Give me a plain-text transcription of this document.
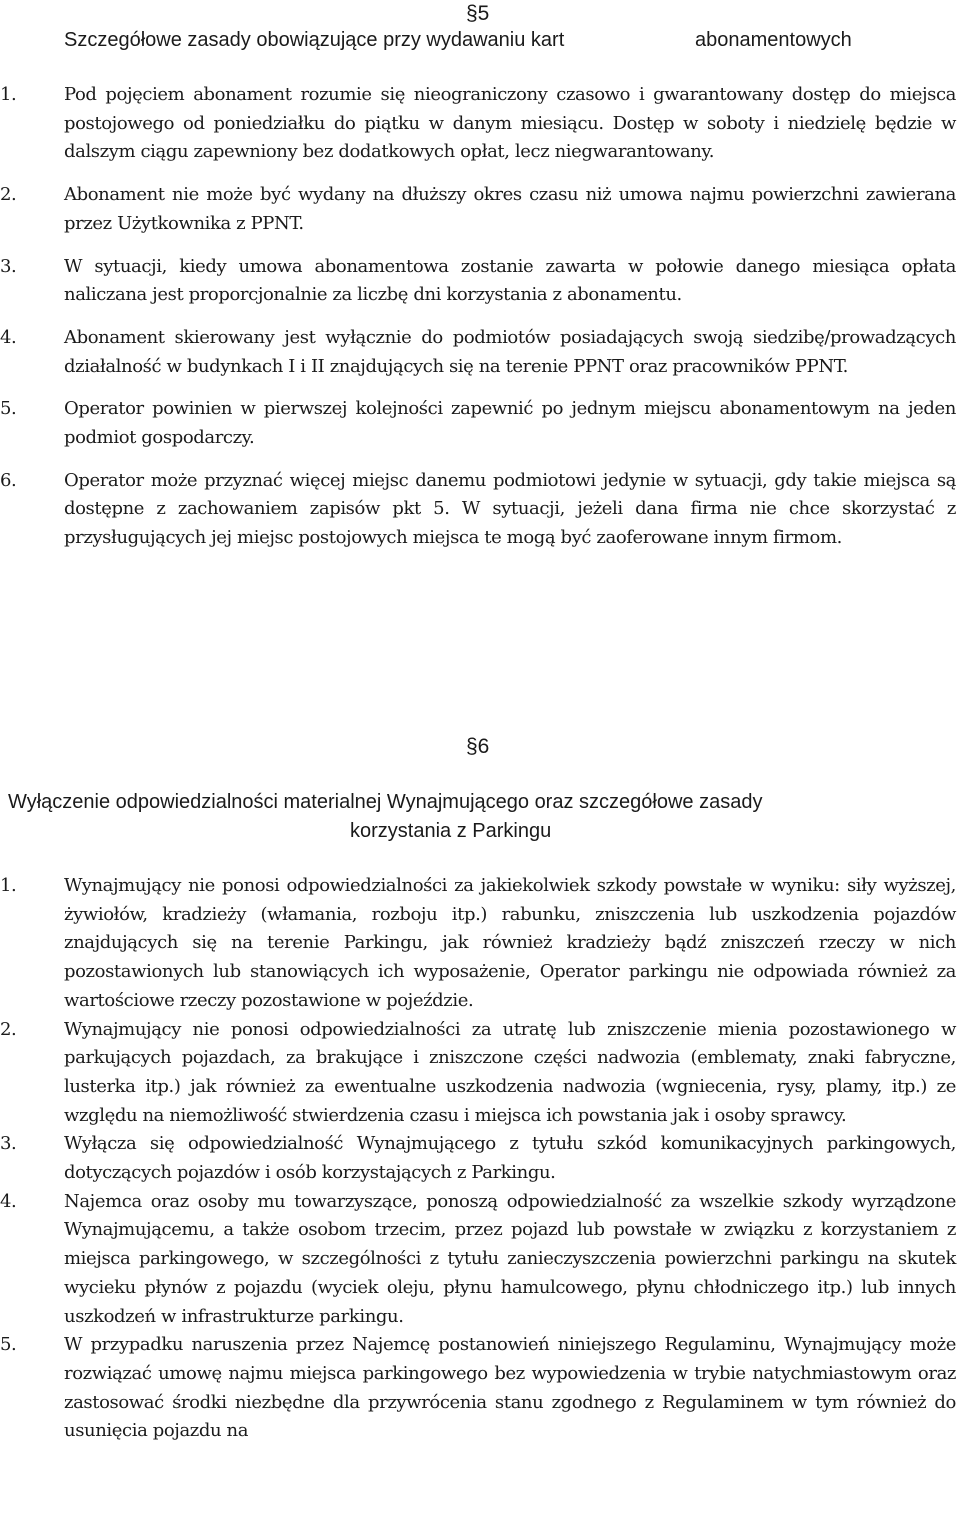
§5
Szczegółowe zasady obowiązujące przy wydawaniu kart	abonamentowych
1.	Pod pojęciem abonament rozumie się nieograniczony czasowo i gwarantowany dostęp do miejsca postojowego od poniedziałku do piątku w danym miesiącu. Dostęp w soboty i niedzielę będzie w dalszym ciągu zapewniony bez dodatkowych opłat, lecz niegwarantowany.
2.	Abonament nie może być wydany na dłuższy okres czasu niż umowa najmu powierzchni zawierana przez Użytkownika z PPNT.
3.	W sytuacji, kiedy umowa abonamentowa zostanie zawarta w połowie danego miesiąca opłata naliczana jest proporcjonalnie za liczbę dni korzystania z abonamentu.
4.	Abonament skierowany jest wyłącznie do podmiotów posiadających swoją siedzibę/prowadzących działalność w budynkach I i II znajdujących się na terenie PPNT oraz pracowników PPNT.
5.	Operator powinien w pierwszej kolejności zapewnić po jednym miejscu abonamentowym na jeden podmiot gospodarczy.
6.	Operator może przyznać więcej miejsc danemu podmiotowi jedynie w sytuacji, gdy takie miejsca są dostępne z zachowaniem zapisów pkt 5. W sytuacji, jeżeli dana firma nie chce skorzystać z przysługujących jej miejsc postojowych miejsca te mogą być zaoferowane innym firmom.
§6
Wyłączenie odpowiedzialności materialnej Wynajmującego oraz szczegółowe zasady
korzystania z Parkingu
1.	Wynajmujący nie ponosi odpowiedzialności za jakiekolwiek szkody powstałe w wyniku: siły wyższej, żywiołów, kradzieży (włamania, rozboju itp.) rabunku, zniszczenia lub uszkodzenia pojazdów znajdujących się na terenie Parkingu, jak również kradzieży bądź zniszczeń rzeczy w nich pozostawionych lub stanowiących ich wyposażenie, Operator parkingu nie odpowiada również za wartościowe rzeczy pozostawione w pojeździe.
2.	Wynajmujący nie ponosi odpowiedzialności za utratę lub zniszczenie mienia pozostawionego w parkujących pojazdach, za brakujące i zniszczone części nadwozia (emblematy, znaki fabryczne, lusterka itp.) jak również za ewentualne uszkodzenia nadwozia (wgniecenia, rysy, plamy, itp.) ze względu na niemożliwość stwierdzenia czasu i miejsca ich powstania jak i osoby sprawcy.
3.	Wyłącza się odpowiedzialność Wynajmującego z tytułu szkód komunikacyjnych parkingowych, dotyczących pojazdów i osób korzystających z Parkingu.
4.	Najemca oraz osoby mu towarzyszące, ponoszą odpowiedzialność za wszelkie szkody wyrządzone Wynajmującemu, a także osobom trzecim, przez pojazd lub powstałe w związku z korzystaniem z miejsca parkingowego, w szczególności z tytułu zanieczyszczenia powierzchni parkingu na skutek wycieku płynów z pojazdu (wyciek oleju, płynu hamulcowego, płynu chłodniczego itp.) lub innych uszkodzeń w infrastrukturze parkingu.
5.	W przypadku naruszenia przez Najemcę postanowień niniejszego Regulaminu, Wynajmujący może rozwiązać umowę najmu miejsca parkingowego bez wypowiedzenia w trybie natychmiastowym oraz zastosować środki niezbędne dla przywrócenia stanu zgodnego z Regulaminem w tym również do usunięcia pojazdu na
